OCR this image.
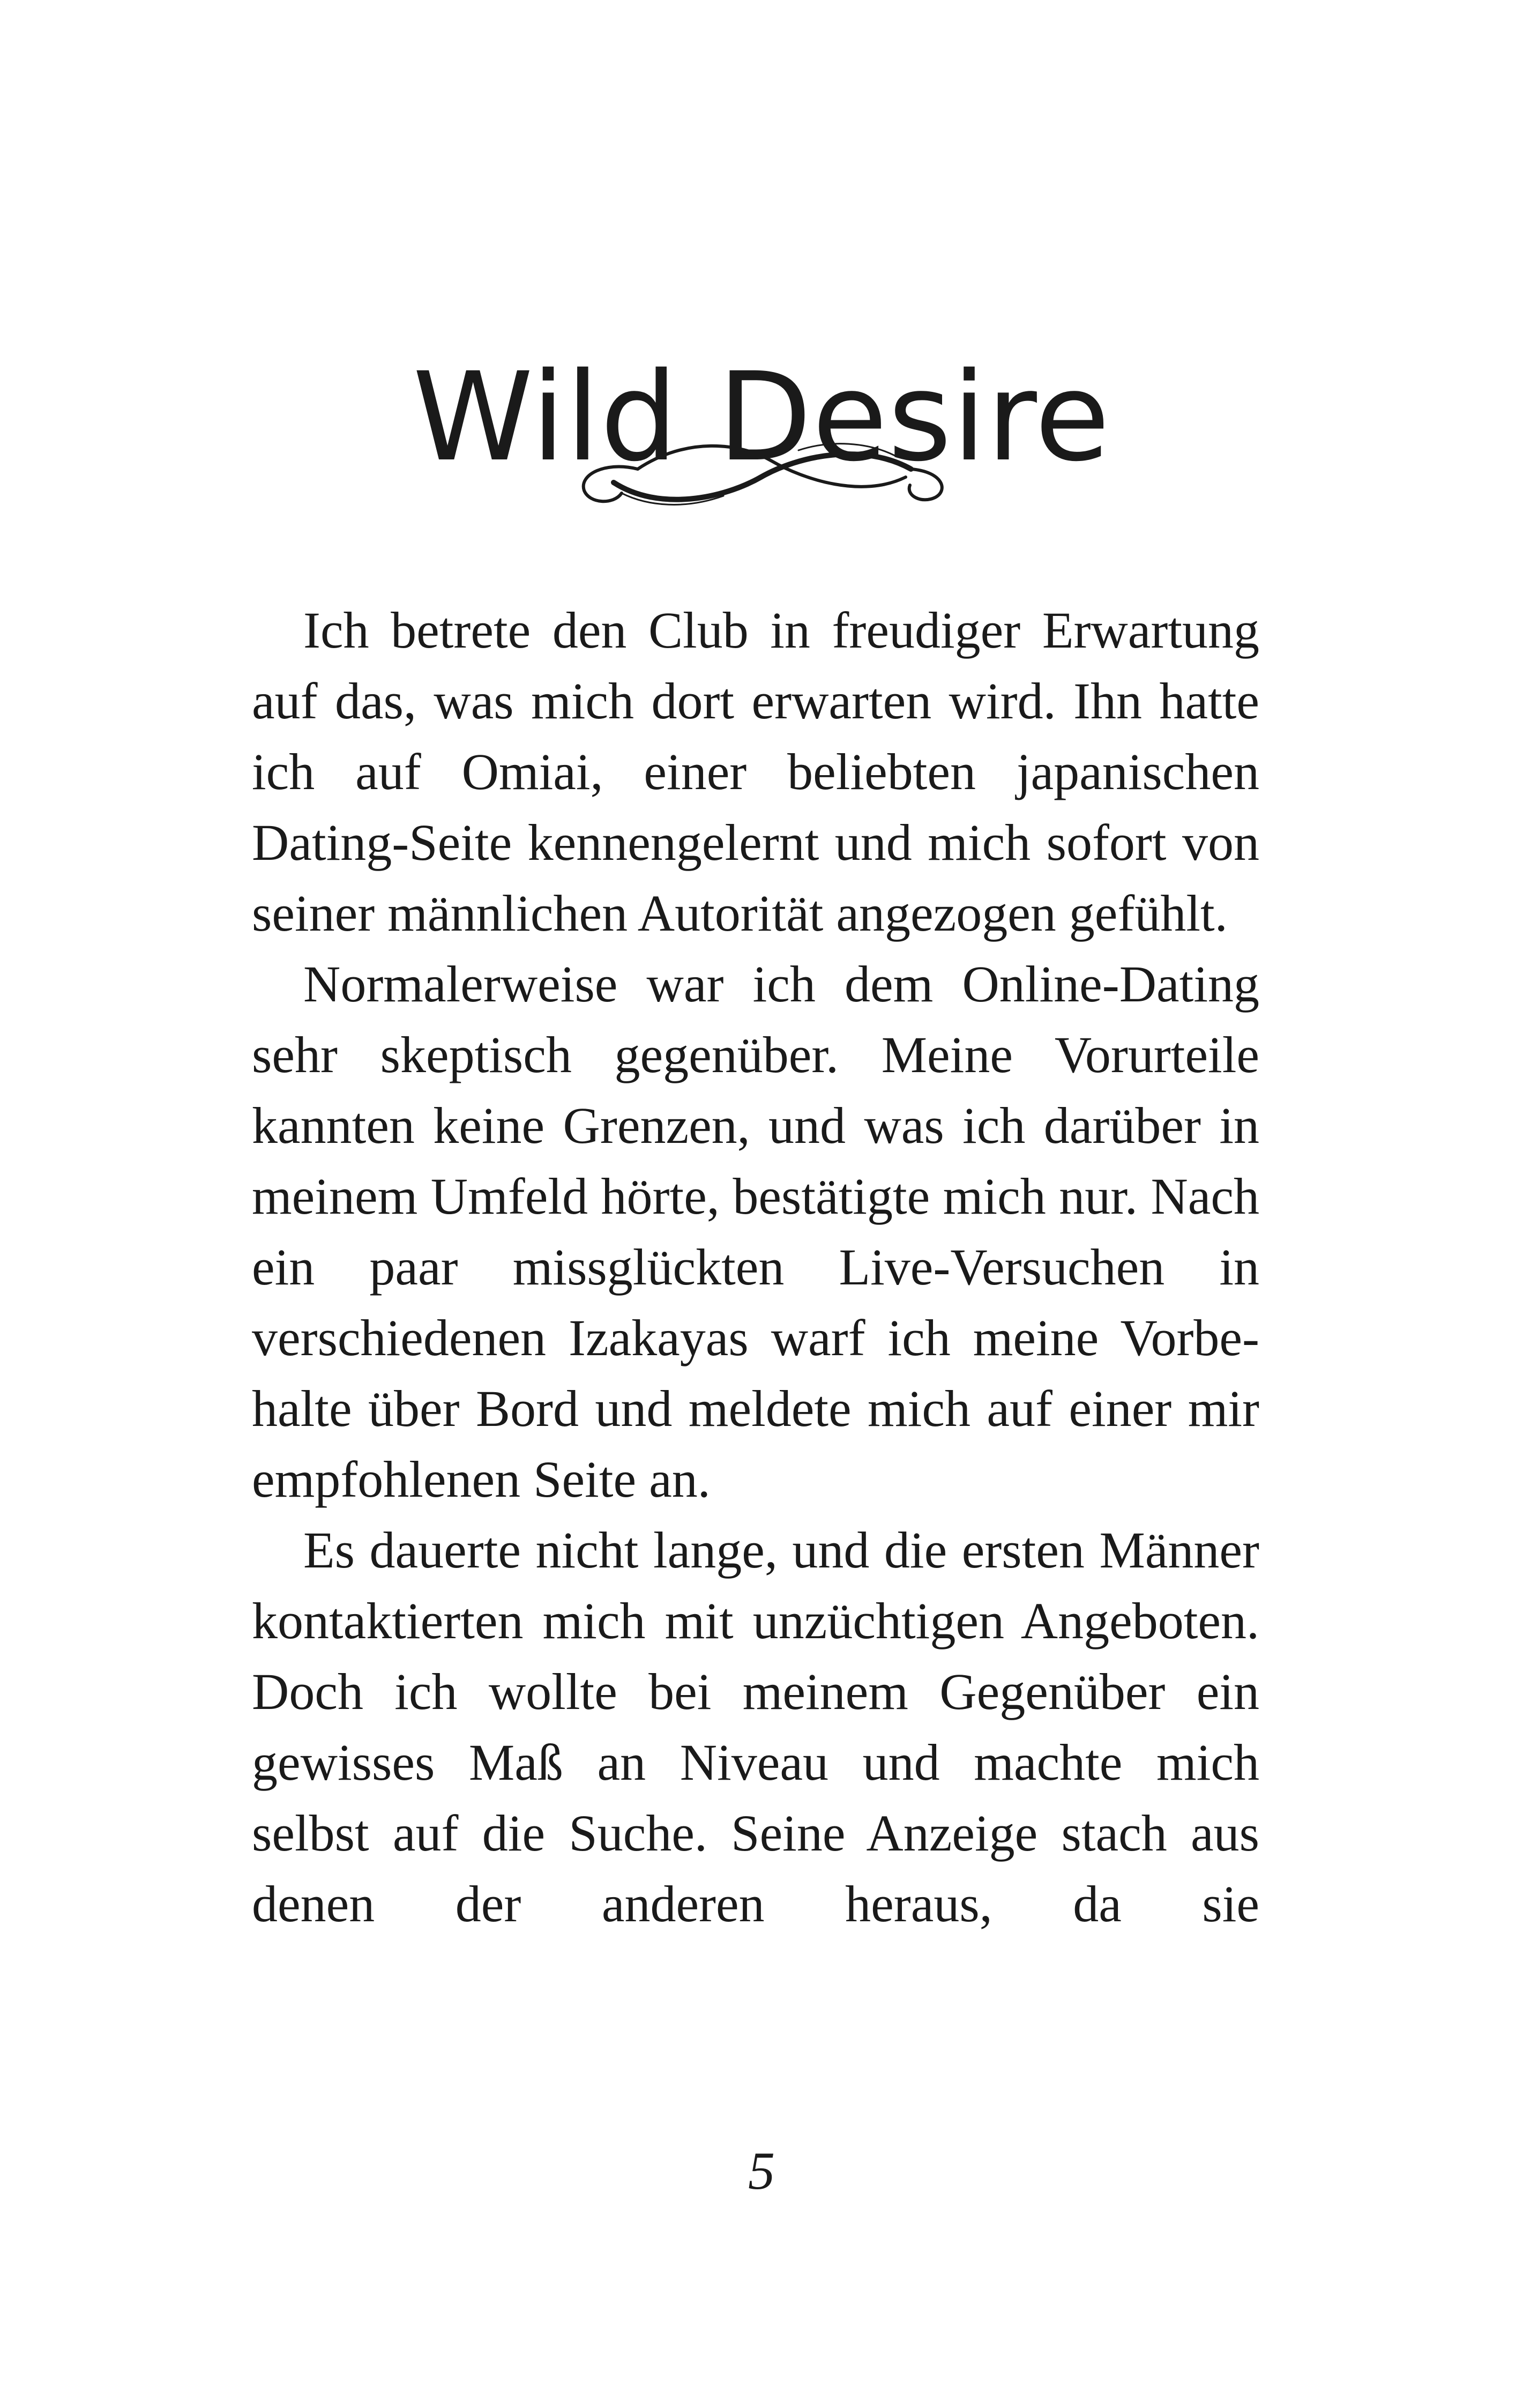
Wild Desire

Ich betrete den Club in freudiger Erwartung auf das, was mich dort erwarten wird. Ihn hatte ich auf Omiai, einer beliebten japanischen Dating-Seite kennengelernt und mich sofort von seiner männlichen Autorität angezogen gefühlt.

Normalerweise war ich dem Online-Dating sehr skeptisch gegenüber. Meine Vorurteile kannten keine Grenzen, und was ich darüber in meinem Umfeld hörte, bestätigte mich nur. Nach ein paar missglückten Live-Versuchen in verschiedenen Izakayas warf ich meine Vorbehalte über Bord und meldete mich auf einer mir empfohlenen Seite an.

Es dauerte nicht lange, und die ersten Männer kontaktierten mich mit unzüchtigen Angeboten. Doch ich wollte bei meinem Gegenüber ein gewisses Maß an Niveau und machte mich selbst auf die Suche. Seine Anzeige stach aus denen der anderen heraus, da sie

5
